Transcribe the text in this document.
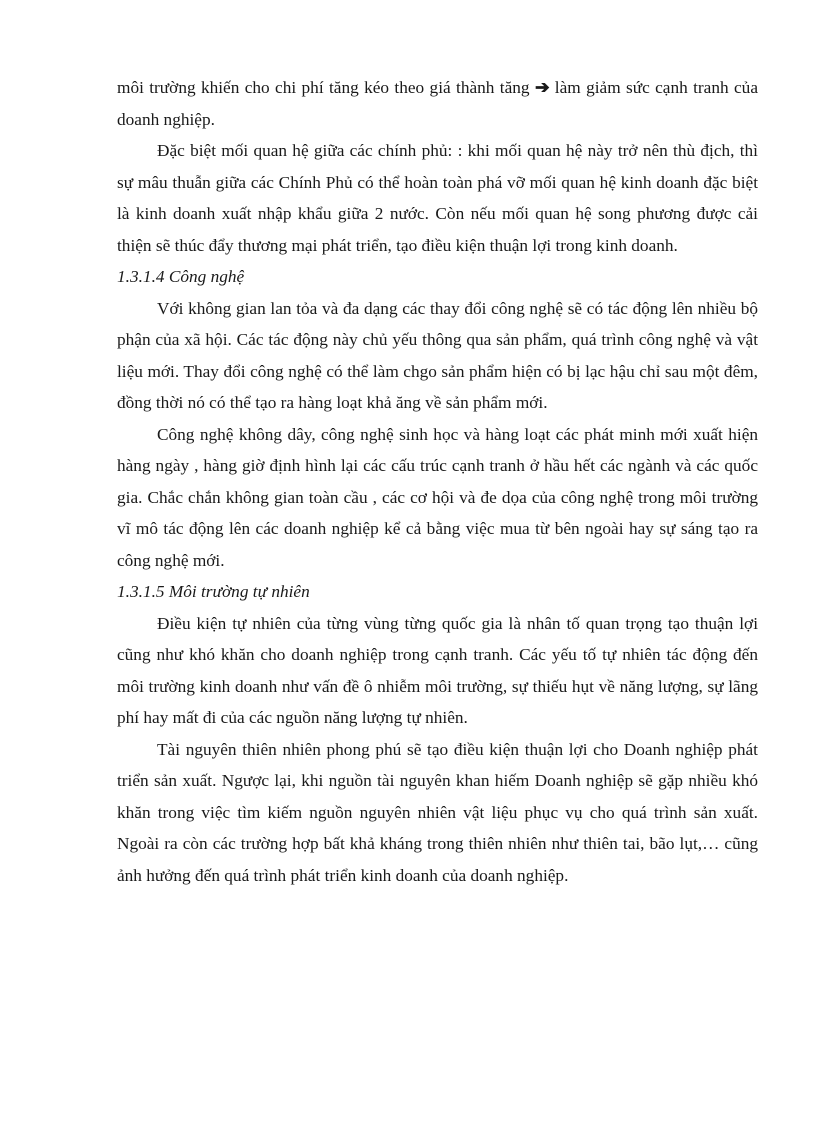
môi trường khiến cho chi phí tăng kéo theo giá thành tăng ➔ làm giảm sức cạnh tranh của doanh nghiệp.

Đặc biệt mối quan hệ giữa các chính phủ: : khi mối quan hệ này trở nên thù địch, thì sự mâu thuẫn giữa các Chính Phủ có thể hoàn toàn phá vỡ mối quan hệ kinh doanh đặc biệt là kinh doanh xuất nhập khẩu giữa 2 nước. Còn nếu mối quan hệ song phương được cải thiện sẽ thúc đẩy thương mại phát triển, tạo điều kiện thuận lợi trong kinh doanh.

1.3.1.4 Công nghệ

Với không gian lan tỏa và đa dạng các thay đổi công nghệ sẽ có tác động lên nhiều bộ phận của xã hội. Các tác động này chủ yếu thông qua sản phẩm, quá trình công nghệ và vật liệu mới. Thay đổi công nghệ có thể làm chgo sản phẩm hiện có bị lạc hậu chỉ sau một đêm, đồng thời nó có thể tạo ra hàng loạt khả ăng về sản phẩm mới.

Công nghệ không dây, công nghệ sinh học và hàng loạt các phát minh mới xuất hiện hàng ngày , hàng giờ định hình lại các cấu trúc cạnh tranh ở hầu hết các ngành và các quốc gia. Chắc chắn không gian toàn cầu , các cơ hội và đe dọa của công nghệ trong môi trường vĩ mô tác động lên các doanh nghiệp kể cả bằng việc mua từ bên ngoài hay sự sáng tạo ra công nghệ mới.

1.3.1.5 Môi trường tự nhiên

Điều kiện tự nhiên của từng vùng từng quốc gia là nhân tố quan trọng tạo thuận lợi cũng như khó khăn cho doanh nghiệp trong cạnh tranh. Các yếu tố tự nhiên tác động đến môi trường kinh doanh như vấn đề ô nhiễm môi trường, sự thiếu hụt về năng lượng, sự lãng phí hay mất đi của các nguồn năng lượng tự nhiên.

Tài nguyên thiên nhiên phong phú sẽ tạo điều kiện thuận lợi cho Doanh nghiệp phát triển sản xuất. Ngược lại, khi nguồn tài nguyên khan hiếm Doanh nghiệp sẽ gặp nhiều khó khăn trong việc tìm kiếm nguồn nguyên nhiên vật liệu phục vụ cho quá trình sản xuất. Ngoài ra còn các trường hợp bất khả kháng trong thiên nhiên như thiên tai, bão lụt,… cũng ảnh hưởng đến quá trình phát triển kinh doanh của doanh nghiệp.
